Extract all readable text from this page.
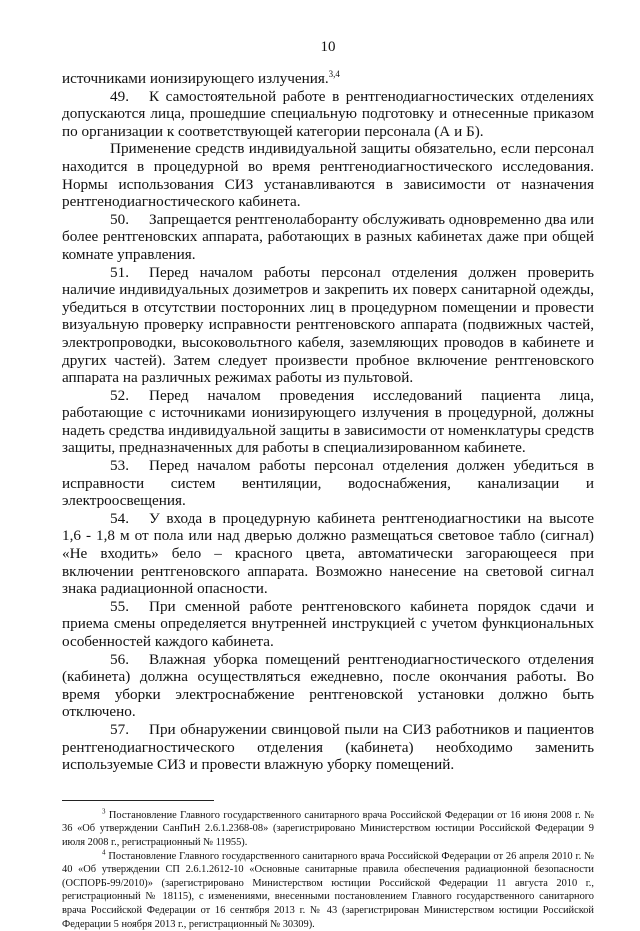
10

источниками ионизирующего излучения.$^{3,4}$

49. К самостоятельной работе в рентгенодиагностических отделениях допускаются лица, прошедшие специальную подготовку и отнесенные приказом по организации к соответствующей категории персонала (А и Б).

Применение средств индивидуальной защиты обязательно, если персонал находится в процедурной во время рентгенодиагностического исследования. Нормы использования СИЗ устанавливаются в зависимости от назначения рентгенодиагностического кабинета.

50. Запрещается рентгенолаборанту обслуживать одновременно два или более рентгеновских аппарата, работающих в разных кабинетах даже при общей комнате управления.

51. Перед началом работы персонал отделения должен проверить наличие индивидуальных дозиметров и закрепить их поверх санитарной одежды, убедиться в отсутствии посторонних лиц в процедурном помещении и провести визуальную проверку исправности рентгеновского аппарата (подвижных частей, электропроводки, высоковольтного кабеля, заземляющих проводов в кабинете и других частей). Затем следует произвести пробное включение рентгеновского аппарата на различных режимах работы из пультовой.

52. Перед началом проведения исследований пациента лица, работающие с источниками ионизирующего излучения в процедурной, должны надеть средства индивидуальной защиты в зависимости от номенклатуры средств защиты, предназначенных для работы в специализированном кабинете.

53. Перед началом работы персонал отделения должен убедиться в исправности систем вентиляции, водоснабжения, канализации и электроосвещения.

54. У входа в процедурную кабинета рентгенодиагностики на высоте 1,6 - 1,8 м от пола или над дверью должно размещаться световое табло (сигнал) «Не входить» бело – красного цвета, автоматически загорающееся при включении рентгеновского аппарата. Возможно нанесение на световой сигнал знака радиационной опасности.

55. При сменной работе рентгеновского кабинета порядок сдачи и приема смены определяется внутренней инструкцией с учетом функциональных особенностей каждого кабинета.

56. Влажная уборка помещений рентгенодиагностического отделения (кабинета) должна осуществляться ежедневно, после окончания работы. Во время уборки электроснабжение рентгеновской установки должно быть отключено.

57. При обнаружении свинцовой пыли на СИЗ работников и пациентов рентгенодиагностического отделения (кабинета) необходимо заменить используемые СИЗ и провести влажную уборку помещений.

$^3$ Постановление Главного государственного санитарного врача Российской Федерации от 16 июня 2008 г. № 36 «Об утверждении СанПиН 2.6.1.2368-08» (зарегистрировано Министерством юстиции Российской Федерации 9 июля 2008 г., регистрационный № 11955).

$^4$ Постановление Главного государственного санитарного врача Российской Федерации от 26 апреля 2010 г. № 40 «Об утверждении СП 2.6.1.2612-10 «Основные санитарные правила обеспечения радиационной безопасности (ОСПОРБ-99/2010)» (зарегистрировано Министерством юстиции Российской Федерации 11 августа 2010 г., регистрационный № 18115), с изменениями, внесенными постановлением Главного государственного санитарного врача Российской Федерации от 16 сентября 2013 г. № 43 (зарегистрирован Министерством юстиции Российской Федерации 5 ноября 2013 г., регистрационный № 30309).
